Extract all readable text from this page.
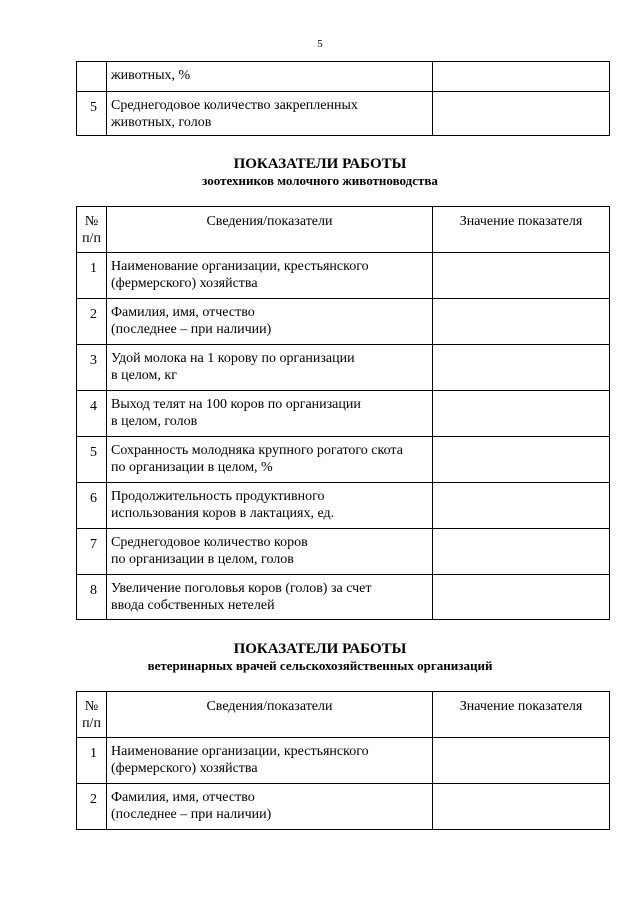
5

	животных, %	

5	Среднегодовое количество закрепленных
животных, голов	

ПОКАЗАТЕЛИ РАБОТЫ
зоотехников молочного животноводства
№
п/п	Сведения/показатели	Значение показателя
1	Наименование организации, крестьянского
(фермерского) хозяйства	

2	Фамилия, имя, отчество
(последнее – при наличии)	

3	Удой молока на 1 корову по организации
в целом, кг	

4	Выход телят на 100 коров по организации
в целом, голов	

5	Сохранность молодняка крупного рогатого скота
по организации в целом, %	

6	Продолжительность продуктивного
использования коров в лактациях, ед.	

7	Среднегодовое количество коров
по организации в целом, голов	

8	Увеличение поголовья коров (голов) за счет
ввода собственных нетелей	

ПОКАЗАТЕЛИ РАБОТЫ
ветеринарных врачей сельскохозяйственных организаций
№
п/п	Сведения/показатели	Значение показателя
1	Наименование организации, крестьянского
(фермерского) хозяйства	

2	Фамилия, имя, отчество
(последнее – при наличии)	
